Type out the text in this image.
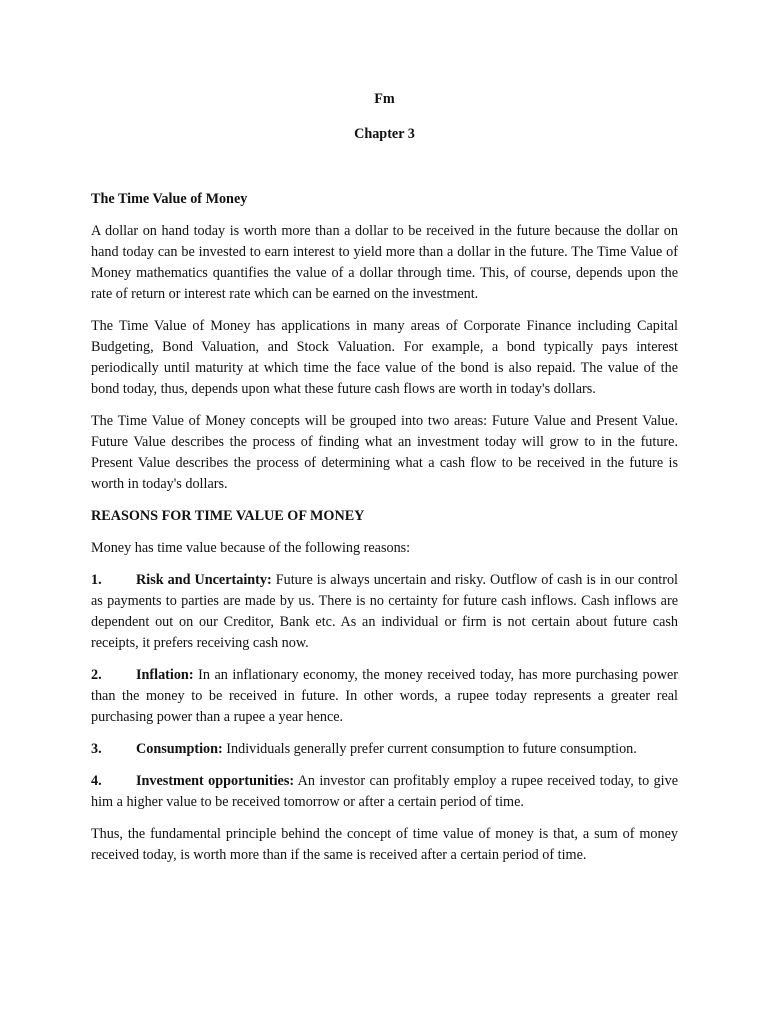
Fm

Chapter 3

The Time Value of Money

A dollar on hand today is worth more than a dollar to be received in the future because the dollar on hand today can be invested to earn interest to yield more than a dollar in the future. The Time Value of Money mathematics quantifies the value of a dollar through time. This, of course, depends upon the rate of return or interest rate which can be earned on the investment.

The Time Value of Money has applications in many areas of Corporate Finance including Capital Budgeting, Bond Valuation, and Stock Valuation. For example, a bond typically pays interest periodically until maturity at which time the face value of the bond is also repaid. The value of the bond today, thus, depends upon what these future cash flows are worth in today's dollars.

The Time Value of Money concepts will be grouped into two areas: Future Value and Present Value. Future Value describes the process of finding what an investment today will grow to in the future. Present Value describes the process of determining what a cash flow to be received in the future is worth in today's dollars.

REASONS FOR TIME VALUE OF MONEY

Money has time value because of the following reasons:

1. Risk and Uncertainty: Future is always uncertain and risky. Outflow of cash is in our control as payments to parties are made by us. There is no certainty for future cash inflows. Cash inflows are dependent out on our Creditor, Bank etc. As an individual or firm is not certain about future cash receipts, it prefers receiving cash now.

2. Inflation: In an inflationary economy, the money received today, has more purchasing power than the money to be received in future. In other words, a rupee today represents a greater real purchasing power than a rupee a year hence.

3. Consumption: Individuals generally prefer current consumption to future consumption.

4. Investment opportunities: An investor can profitably employ a rupee received today, to give him a higher value to be received tomorrow or after a certain period of time.

Thus, the fundamental principle behind the concept of time value of money is that, a sum of money received today, is worth more than if the same is received after a certain period of time.
